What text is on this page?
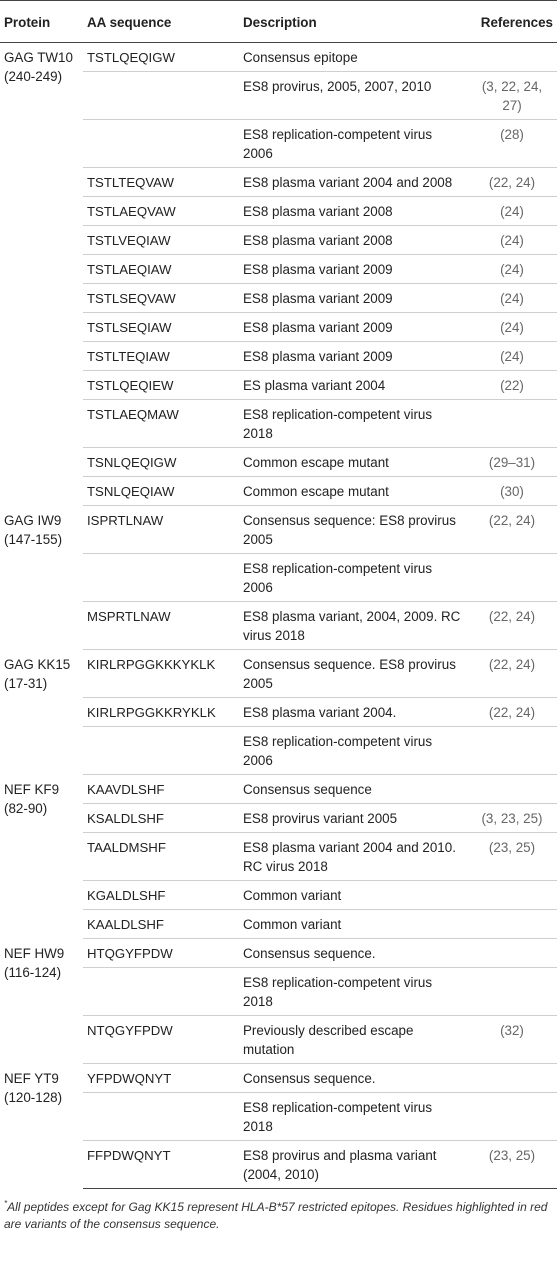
Protein	AA sequence	Description	References
GAG TW10 (240-249)	TSTLQEQIGW	Consensus epitope	
		ES8 provirus, 2005, 2007, 2010	(3, 22, 24, 27)
		ES8 replication-competent virus 2006	(28)
	TSTLTEQVAW	ES8 plasma variant 2004 and 2008	(22, 24)
	TSTLAEQVAW	ES8 plasma variant 2008	(24)
	TSTLVEQIAW	ES8 plasma variant 2008	(24)
	TSTLAEQIAW	ES8 plasma variant 2009	(24)
	TSTLSEQVAW	ES8 plasma variant 2009	(24)
	TSTLSEQIAW	ES8 plasma variant 2009	(24)
	TSTLTEQIAW	ES8 plasma variant 2009	(24)
	TSTLQEQIEW	ES plasma variant 2004	(22)
	TSTLAEQMAW	ES8 replication-competent virus 2018	
	TSNLQEQIGW	Common escape mutant	(29–31)
	TSNLQEQIAW	Common escape mutant	(30)
GAG IW9 (147-155)	ISPRTLNAW	Consensus sequence: ES8 provirus 2005	(22, 24)
		ES8 replication-competent virus 2006	
	MSPRTLNAW	ES8 plasma variant, 2004, 2009. RC virus 2018	(22, 24)
GAG KK15 (17-31)	KIRLRPGGKKKYKLK	Consensus sequence. ES8 provirus 2005	(22, 24)
	KIRLRPGGKKRYKLK	ES8 plasma variant 2004.	(22, 24)
		ES8 replication-competent virus 2006	
NEF KF9 (82-90)	KAAVDLSHF	Consensus sequence	
	KSALDLSHF	ES8 provirus variant 2005	(3, 23, 25)
	TAALDMSHF	ES8 plasma variant 2004 and 2010. RC virus 2018	(23, 25)
	KGALDLSHF	Common variant	
	KAALDLSHF	Common variant	
NEF HW9 (116-124)	HTQGYFPDW	Consensus sequence.	
		ES8 replication-competent virus 2018	
	NTQGYFPDW	Previously described escape mutation	(32)
NEF YT9 (120-128)	YFPDWQNYT	Consensus sequence.	
		ES8 replication-competent virus 2018	
	FFPDWQNYT	ES8 provirus and plasma variant (2004, 2010)	(23, 25)
*All peptides except for Gag KK15 represent HLA-B*57 restricted epitopes. Residues highlighted in red are variants of the consensus sequence.
